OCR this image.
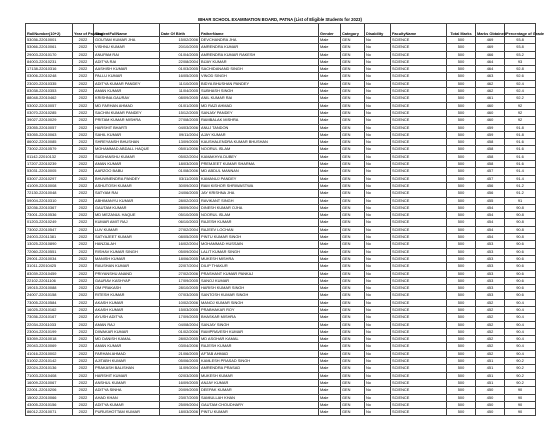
BIHAR SCHOOL EXAMINATION BOARD, PATNA (List of Eligible Students for 2023)
RollNumber(10+2)	Year of Passing	StudentFullName	Date Of Birth	FatherName	Gender	Category	Disability	FacultyName	Total Marks	Marks Obtained	Percentage of Grade
53036-22010001	2022	GOUTAM KUMAR JHA	15/02/2006	DEVCHANDRA JHA	Male	GEN	No	SCIENCE	500	469	93.8
53066-22010061	2022	VISHNU KUMAR	20/10/2005	AMRENDRA KUMAR	Male	GEN	No	SCIENCE	500	469	93.8
29003-22010170	2022	ANUPAM RAI	01/04/2005	AMRENDRA KUMAR RAKESH	Male	GEN	No	SCIENCE	500	466	93.2
84003-22010231	2022	ADITYA RAI	22/08/2004	BIJAY KUMAR	Male	GEN	No	SCIENCE	500	464	93
17138-22010316	2022	AASHISH KUMAR	01/03/2005	SACHIDANAND SINGH	Male	GEN	No	SCIENCE	500	464	92.8
03006-22010248	2022	PALLU KUMAR	16/05/2005	VINOD SINGH	Male	GEN	No	SCIENCE	500	463	92.6
23020-22010335	2022	ADITYA KUMAR PANDEY	11/10/2005	BIDYA BHUSHAN PANDEY	Male	GEN	No	SCIENCE	500	462	92.4
83038-22010353	2022	AMAN KUMAR	11/04/2005	SUBHASH SINGH	Male	GEN	No	SCIENCE	500	462	92.4
88048-22010462	2022	KRISHNA GAURAV	08/09/2005	ANIL KUMAR RAI	Male	GEN	No	SCIENCE	500	461	92.2
53002-22010057	2022	MD FARHAN AHMAD	01/01/2005	MD RAZI AHMAD	Male	GEN	No	SCIENCE	500	460	92
03070-22010285	2022	SACHIN KUMAR PANDEY	15/12/2005	SANJAY PANDEY	Male	GEN	No	SCIENCE	500	460	92
39027-22010029	2022	PRITAM KUMAR MISHRA	27/08/2005	RAMBALAK MISHRA	Male	GEN	No	SCIENCE	500	460	92
23055-22010057	2022	HARSHIT BHARTI	04/03/2006	ANUJ TANDON	Male	GEN	No	SCIENCE	500	459	91.8
53055-22010063	2022	SAHIL KUMAR	09/11/2004	AJAY KUMAR	Male	GEN	No	SCIENCE	500	459	91.8
86002-22010085	2022	SHREYANSH BHUSHAN	13/09/2005	KAUSHALENDRA KUMAR BHUSHAN	Male	GEN	No	SCIENCE	500	458	91.6
73002-22010579	2022	MOHAMMAD ABDALL HAQUE	05/01/2006	NOORUL ISLAM	Male	GEN	No	SCIENCE	500	458	91.6
01142-22010132	2022	SUDHANSHU KUMAR	05/02/2004	KAMAKHYA DUBEY	Male	GEN	No	SCIENCE	500	458	91.6
17207-22010239	2022	AMAN KUMAR	18/03/2005	PREMJEET KUMAR SHARMA	Male	GEN	No	SCIENCE	500	458	91.6
53031-22010005	2022	AARZOO BABU	01/08/2006	MD ABDUL MANNAN	Male	GEN	No	SCIENCE	500	457	91.4
03007-22010297	2022	BHUWNENDRA PANDEY	03/11/2005	KAMANUJ PANDEY	Male	GEN	No	SCIENCE	500	457	91.4
41009-22010008	2022	ASHUTOSH KUMAR	30/09/2003	RAM KISHOR SHRIWASTWA	Male	GEN	No	SCIENCE	500	456	91.2
72130-22010048	2022	SATYAM RAI	24/06/2005	JAY KRISHNA JHA	Male	GEN	No	SCIENCE	500	456	91.2
59004-22010310	2022	ABHIMANYU KUMAR	28/02/2003	RAVIKANT SINGH	Male	GEN	No	SCIENCE	500	455	91
32036-22010367	2022	GAUTAM KUMAR	28/09/2004	DINESH KUMAR OJHA	Male	GEN	No	SCIENCE	500	454	90.8
73001-22010536	2022	MD MEZANUL HAQUE	05/10/2005	NOORUL ISLAM	Male	GEN	No	SCIENCE	500	454	90.8
01203-22010249	2022	KUMAR AMIT RAJ	06/10/2003	RAJESH KUMAR	Male	GEN	No	SCIENCE	500	454	90.8
73002-22010547	2022	LUV KUMAR	27/02/2004	RAJEEV LOCHAN	Male	GEN	No	SCIENCE	500	454	90.8
24003-22011381	2022	SATYAJEET KUMAR	08/05/2005	PINTU KUMAR SINGH	Male	GEN	No	SCIENCE	500	454	90.8
13025-22010890	2022	HANZALAH	16/02/2004	MOHAMMAD HUSSAIN	Male	GEN	No	SCIENCE	500	453	90.6
72060-22010551	2022	RISHAV KUMAR SINGH	05/09/2004	LALIT KUMAR SINGH	Male	GEN	No	SCIENCE	500	453	90.6
29001-22010034	2022	MANISH KUMAR	18/06/2005	MUKESH MISHRA	Male	GEN	No	SCIENCE	500	453	90.6
31011-22010425	2022	RAUSHAN KUMAR	22/07/2004	DILIP THAKUR	Male	GEN	No	SCIENCE	500	453	90.6
83039-22010459	2022	PRIYANSHU ANAND	27/02/2006	PRASHANT KUMAR PANKAJ	Male	GEN	No	SCIENCE	500	453	90.6
22102-22011106	2022	GAURAV KASHYAP	17/09/2005	SANOJ KUMAR	Male	GEN	No	SCIENCE	500	453	90.6
19015-22010088	2022	OM PRAKASH	28/10/2005	HARISH KUMAR SINGH	Male	GEN	No	SCIENCE	500	453	90.6
24007-22010158	2022	RITESH KUMAR	07/03/2005	SANTOSH KUMAR SINGH	Male	GEN	No	SCIENCE	500	453	90.6
73005-22010584	2022	AKASH KUMAR	10/02/2006	MANOJ KUMAR SINGH	Male	GEN	No	SCIENCE	500	452	90.4
16025-22010162	2022	AKASH KUMAR	15/03/2005	PRABHAKAR ROY	Male	GEN	No	SCIENCE	500	452	90.4
73036-22010167	2022	AYUSH ADITYA	17/09/2005	BHASKAR MISHRA	Male	GEN	No	SCIENCE	500	452	90.4
22034-22011033	2022	AMAN RAJ	04/08/2004	SANJAY SINGH	Male	GEN	No	SCIENCE	500	452	90.4
23004-22010199	2022	DIWAKAR KUMAR	01/02/2006	RAMPRAVESH KUMAR	Male	GEN	No	SCIENCE	500	452	90.4
53059-22010018	2022	MD DANISH KAMAL	28/02/2005	MD ASGHAR KAMAL	Male	GEN	No	SCIENCE	500	452	90.4
20043-22010069	2022	AMAN KUMAR	03/04/2006	RAJESH KUMAR	Male	GEN	No	SCIENCE	500	452	90.4
41016-22010002	2022	FARHAN AHMAD	21/06/2005	AFTAB AHMAD	Male	GEN	No	SCIENCE	500	452	90.4
51002-22010142	2022	AJITABH KUMAR	05/06/2005	KAMLESH PRASAD SINGH	Male	GEN	No	SCIENCE	500	451	90.2
22024-22010136	2022	PRAKASH BALISHAN	11/09/2004	AMRENDRA PRASAD	Male	GEN	No	SCIENCE	500	451	90.2
71003-22010408	2022	HARSHIT KUMAR	02/03/2005	MUKESH KUMAR	Male	GEN	No	SCIENCE	500	451	90.2
16009-22010067	2022	ANSHUL KUMAR	16/09/2005	ANJAY KUMAR	Male	GEN	No	SCIENCE	500	451	90.2
22001-22010206	2022	ADITYA SINHA	20/09/2005	DEEPAK KUMAR	Male	GEN	No	SCIENCE	500	450	90
15002-22010066	2022	AHAD KHAN	23/07/2005	SAMIULLAH KHAN	Male	GEN	No	SCIENCE	500	450	90
43005-22010156	2022	ADITYA KUMAR	25/09/2004	GAUTAM CHOUDHARY	Male	GEN	No	SCIENCE	500	450	90
86012-22010071	2022	PURUSHOTTAM KUMAR	18/03/2006	PINTU KUMAR	Male	GEN	No	SCIENCE	500	450	90
